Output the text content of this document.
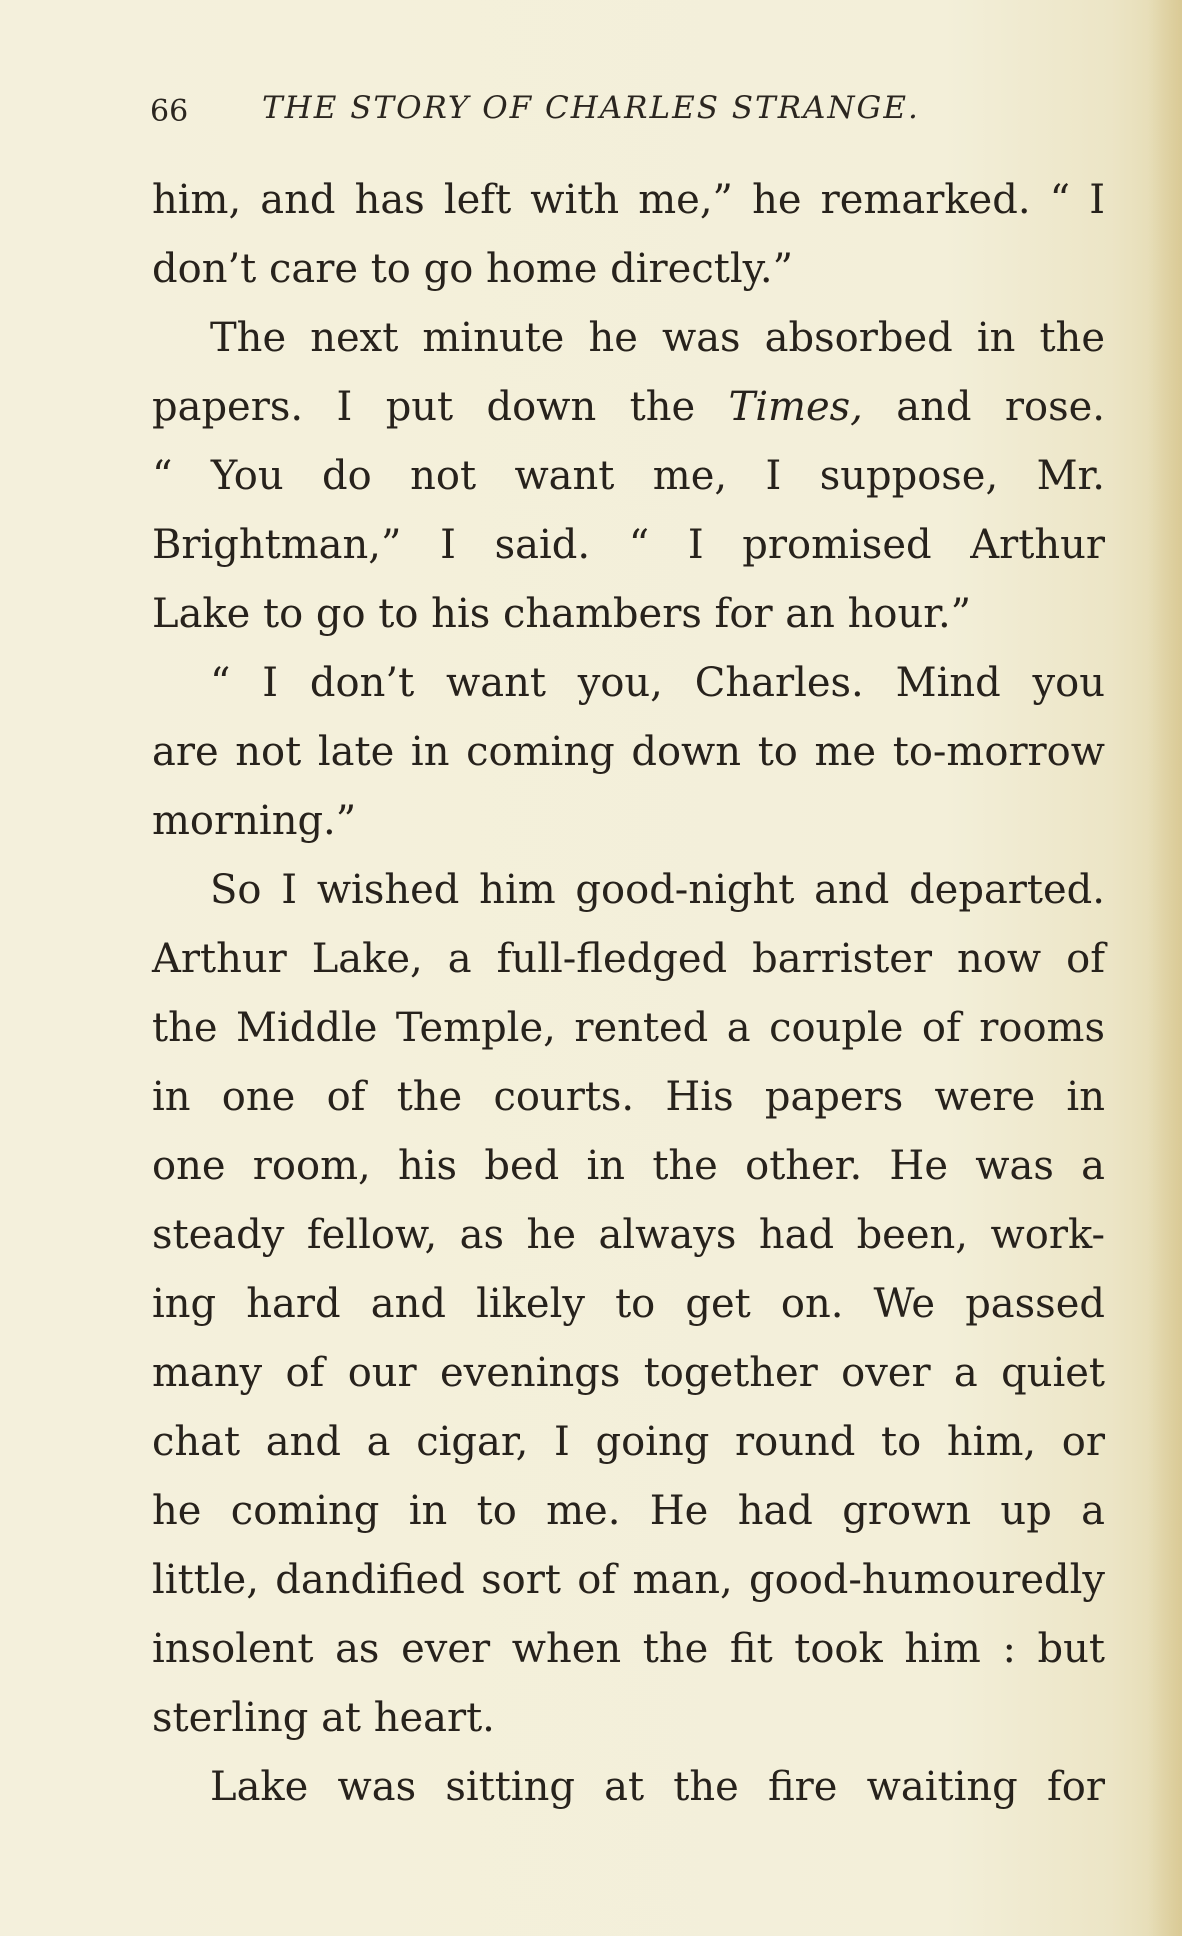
66 THE STORY OF CHARLES STRANGE.
him, and has left with me,” he remarked. “ I
don’t care to go home directly.”
The next minute he was absorbed in the
papers. I put down the Times, and rose.
“ You do not want me, I suppose, Mr.
Brightman,” I said. “ I promised Arthur
Lake to go to his chambers for an hour.”
“ I don’t want you, Charles. Mind you
are not late in coming down to me to-morrow
morning.”
So I wished him good-night and departed.
Arthur Lake, a full-fledged barrister now of
the Middle Temple, rented a couple of rooms
in one of the courts. His papers were in
one room, his bed in the other. He was a
steady fellow, as he always had been, work-
ing hard and likely to get on. We passed
many of our evenings together over a quiet
chat and a cigar, I going round to him, or
he coming in to me. He had grown up a
little, dandified sort of man, good-humouredly
insolent as ever when the fit took him : but
sterling at heart.
Lake was sitting at the fire waiting for
